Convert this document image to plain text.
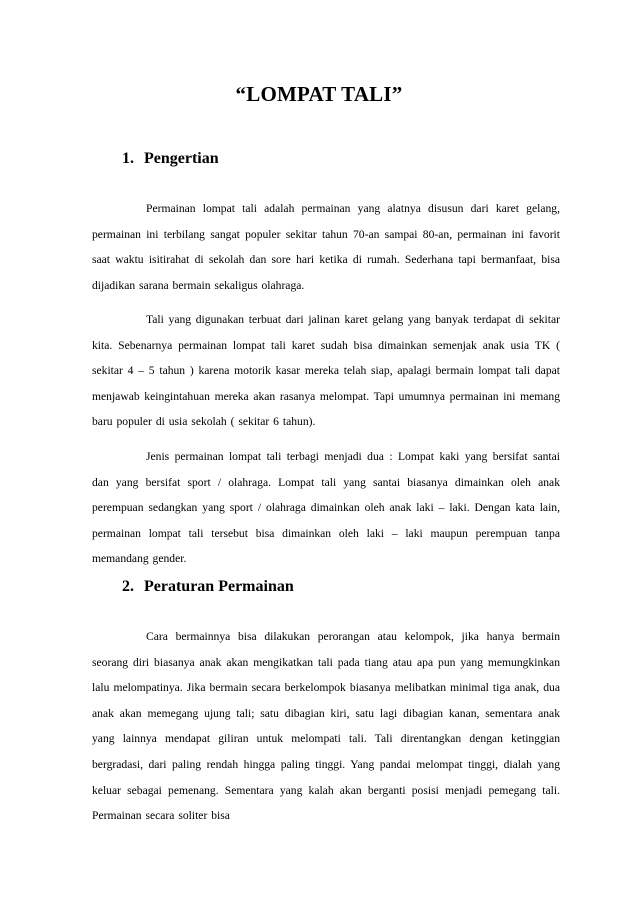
“LOMPAT TALI”
1. Pengertian

Permainan lompat tali adalah permainan yang alatnya disusun dari karet gelang, permainan ini terbilang sangat populer sekitar tahun 70-an sampai 80-an, permainan ini favorit saat waktu isitirahat di sekolah dan sore hari ketika di rumah. Sederhana tapi bermanfaat, bisa dijadikan sarana bermain sekaligus olahraga.

Tali yang digunakan terbuat dari jalinan karet gelang yang banyak terdapat di sekitar kita. Sebenarnya permainan lompat tali karet sudah bisa dimainkan semenjak anak usia TK ( sekitar 4 – 5 tahun ) karena motorik kasar mereka telah siap, apalagi bermain lompat tali dapat menjawab keingintahuan mereka akan rasanya melompat. Tapi umumnya permainan ini memang baru populer di usia sekolah ( sekitar 6 tahun).

Jenis permainan lompat tali terbagi menjadi dua : Lompat kaki yang bersifat santai dan yang bersifat sport / olahraga. Lompat tali yang santai biasanya dimainkan oleh anak perempuan sedangkan yang sport / olahraga dimainkan oleh anak laki – laki. Dengan kata lain, permainan lompat tali tersebut bisa dimainkan oleh laki – laki maupun perempuan tanpa memandang gender.

2. Peraturan Permainan

Cara bermainnya bisa dilakukan perorangan atau kelompok, jika hanya bermain seorang diri biasanya anak akan mengikatkan tali pada tiang atau apa pun yang memungkinkan lalu melompatinya. Jika bermain secara berkelompok biasanya melibatkan minimal tiga anak, dua anak akan memegang ujung tali; satu dibagian kiri, satu lagi dibagian kanan, sementara anak yang lainnya mendapat giliran untuk melompati tali. Tali direntangkan dengan ketinggian bergradasi, dari paling rendah hingga paling tinggi. Yang pandai melompat tinggi, dialah yang keluar sebagai pemenang. Sementara yang kalah akan berganti posisi menjadi pemegang tali. Permainan secara soliter bisa
